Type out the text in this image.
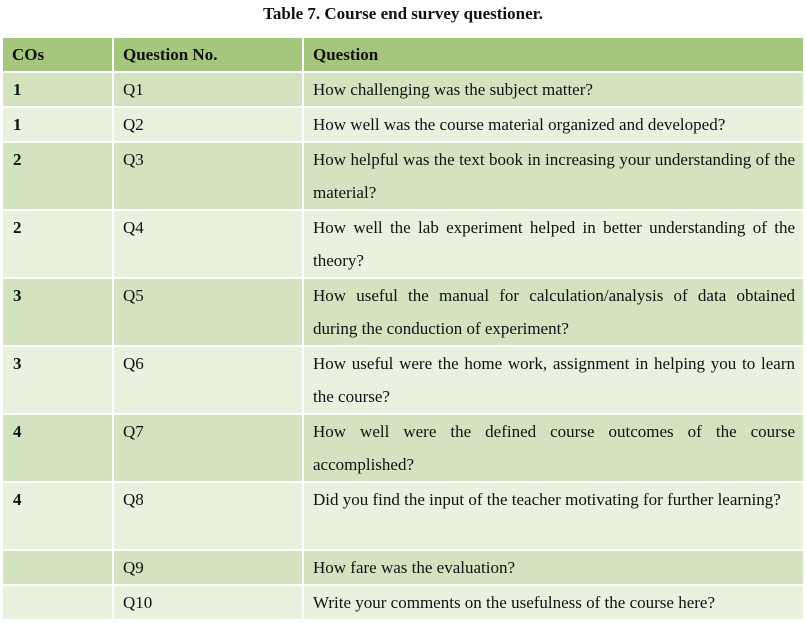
Table 7. Course end survey questioner.
COs	Question No.	Question
1	Q1	How challenging was the subject matter?
1	Q2	How well was the course material organized and developed?
2	Q3	How helpful was the text book in increasing your understanding of the material?
2	Q4	How well the lab experiment helped in better understanding of the theory?
3	Q5	How useful the manual for calculation/analysis of data obtained during the conduction of experiment?
3	Q6	How useful were the home work, assignment in helping you to learn the course?
4	Q7	How well were the defined course outcomes of the course accomplished?
4	Q8	Did you find the input of the teacher motivating for further learning?
	Q9	How fare was the evaluation?
	Q10	Write your comments on the usefulness of the course here?
